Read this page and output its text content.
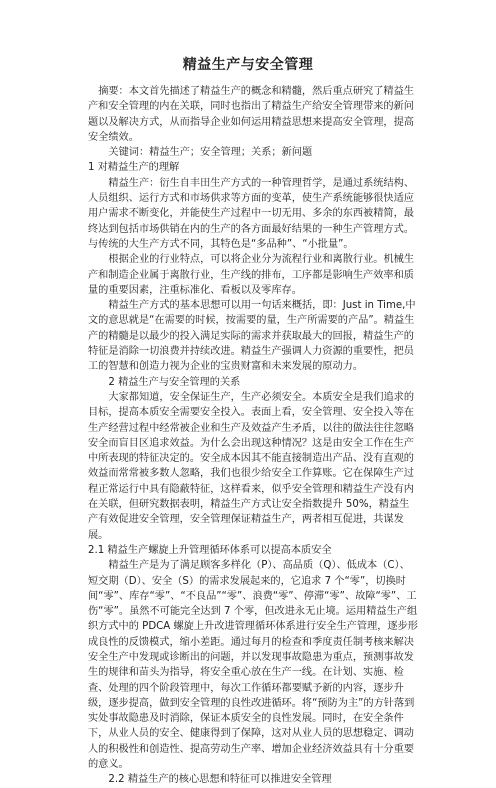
精益生产与安全管理

摘要：本文首先描述了精益生产的概念和精髓，然后重点研究了精益生产和安全管理的内在关联，同时也指出了精益生产给安全管理带来的新问题以及解决方式，从而指导企业如何运用精益思想来提高安全管理，提高安全绩效。

关键词：精益生产；安全管理；关系；新问题

1 对精益生产的理解

精益生产：衍生自丰田生产方式的一种管理哲学，是通过系统结构、人员组织、运行方式和市场供求等方面的变革，使生产系统能够很快适应用户需求不断变化，并能使生产过程中一切无用、多余的东西被精简，最终达到包括市场供销在内的生产的各方面最好结果的一种生产管理方式。与传统的大生产方式不同，其特色是“多品种”、“小批量”。

根据企业的行业特点，可以将企业分为流程行业和离散行业。机械生产和制造企业属于离散行业，生产线的排布，工序都是影响生产效率和质量的重要因素，注重标准化、看板以及零库存。

精益生产方式的基本思想可以用一句话来概括，即：Just in Time,中文的意思就是“在需要的时候，按需要的量，生产所需要的产品”。精益生产的精髓是以最少的投入满足实际的需求并获取最大的回报，精益生产的特征是消除一切浪费并持续改进。精益生产强调人力资源的重要性，把员工的智慧和创造力视为企业的宝贵财富和未来发展的原动力。

2 精益生产与安全管理的关系

大家都知道，安全保证生产，生产必须安全。本质安全是我们追求的目标，提高本质安全需要安全投入。表面上看，安全管理、安全投入等在生产经营过程中经常被企业和生产及效益产生矛盾，以往的做法往往忽略安全而盲目区追求效益。为什么会出现这种情况？这是由安全工作在生产中所表现的特征决定的。安全成本因其不能直接制造出产品、没有直观的效益而常常被多数人忽略，我们也很少给安全工作算账。它在保障生产过程正常运行中具有隐蔽特征，这样看来，似乎安全管理和精益生产没有内在关联，但研究数据表明，精益生产方式让安全指数提升 50%，精益生产有效促进安全管理，安全管理保证精益生产，两者相互促进，共谋发展。

2.1 精益生产螺旋上升管理循环体系可以提高本质安全

精益生产是为了满足顾客多样化（P）、高品质（Q）、低成本（C）、短交期（D）、安全（S）的需求发展起来的，它追求 7 个“零”，切换时间“零”、库存“零”、“不良品”“零”、浪费“零”、停滞“零”、故障“零”、工伤“零”。虽然不可能完全达到 7 个零，但改进永无止境。运用精益生产组织方式中的 PDCA 螺旋上升改进管理循环体系进行安全生产管理，逐步形成良性的反馈模式，缩小差距。通过每月的检查和季度责任制考核来解决安全生产中发现或诊断出的问题，并以发现事故隐患为重点，预测事故发生的规律和苗头为指导，将安全重心放在生产一线。在计划、实施、检查、处理的四个阶段管理中，每次工作循环都要赋予新的内容，逐步升级，逐步提高，做到安全管理的良性改进循环。将“预防为主”的方针落到实处事故隐患及时消除，保证本质安全的良性发展。同时，在安全条件下，从业人员的安全、健康得到了保障，这对从业人员的思想稳定、调动人的积极性和创造性、提高劳动生产率、增加企业经济效益具有十分重要的意义。

2.2 精益生产的核心思想和特征可以推进安全管理
